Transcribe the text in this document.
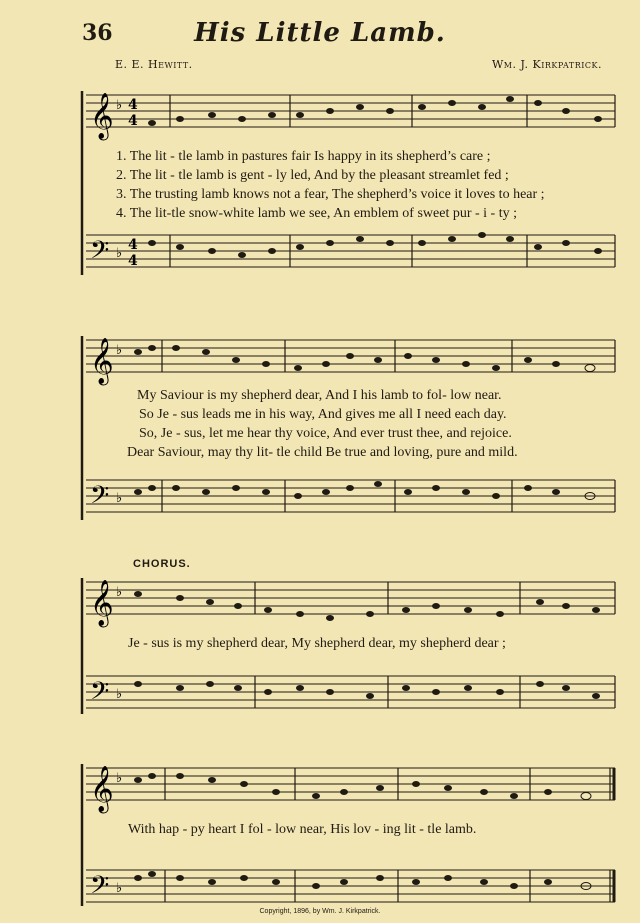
36	His Little Lamb.
E. E. Hewitt.	Wm. J. Kirkpatrick.
𝄞
𝄢
♭
♭
4
4
4
4
1. The lit - tle lamb in pastures fair Is happy in its shepherd’s care ;
2. The lit - tle lamb is gent - ly led, And by the pleasant streamlet fed ;
3. The trusting lamb knows not a fear, The shepherd’s voice it loves to hear ;
4. The lit-tle snow-white lamb we see, An emblem of sweet pur - i - ty ;
𝄞
𝄢
♭
♭
My Saviour is my shepherd dear, And I his lamb to fol- low near.
So Je - sus leads me in his way, And gives me all I need each day.
So, Je - sus, let me hear thy voice, And ever trust thee, and rejoice.
Dear Saviour, may thy lit- tle child Be true and loving, pure and mild.
CHORUS.
𝄞
𝄢
♭
♭
Je - sus is my shepherd dear, My shepherd dear, my shepherd dear ;
𝄞
𝄢
♭
♭
With hap - py heart I fol - low near, His lov - ing lit - tle lamb.
Copyright, 1896, by Wm. J. Kirkpatrick.
